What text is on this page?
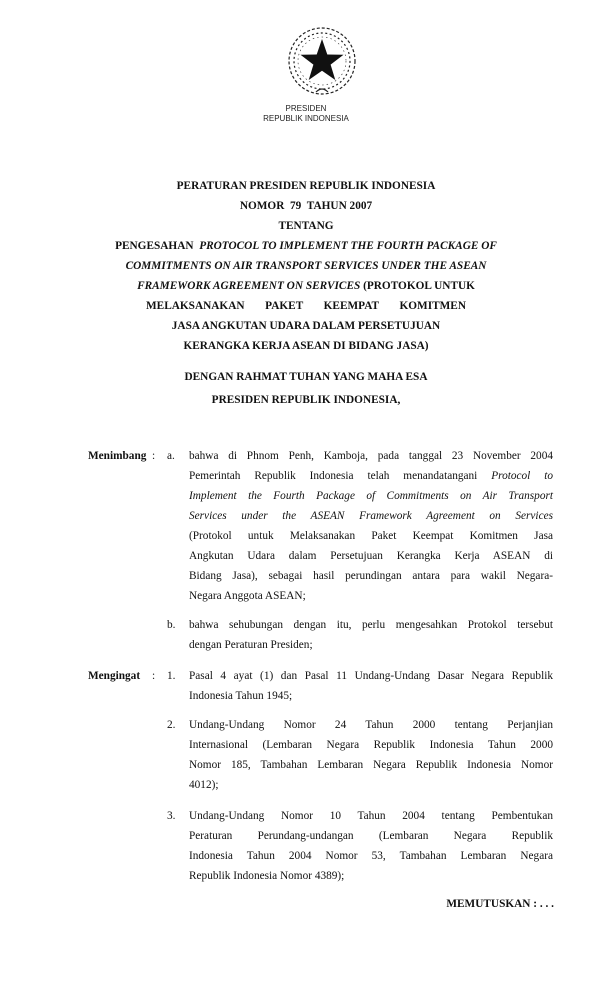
PRESIDEN
REPUBLIK INDONESIA
PERATURAN PRESIDEN REPUBLIK INDONESIA
NOMOR  79  TAHUN 2007
TENTANG
PENGESAHAN  PROTOCOL TO IMPLEMENT THE FOURTH PACKAGE OF
COMMITMENTS ON AIR TRANSPORT SERVICES UNDER THE ASEAN
FRAMEWORK AGREEMENT ON SERVICES (PROTOKOL UNTUK
MELAKSANAKAN PAKET KEEMPAT KOMITMEN
JASA ANGKUTAN UDARA DALAM PERSETUJUAN
KERANGKA KERJA ASEAN DI BIDANG JASA)
DENGAN RAHMAT TUHAN YANG MAHA ESA
PRESIDEN REPUBLIK INDONESIA,
Menimbang : a. bahwa di Phnom Penh, Kamboja, pada tanggal 23 November 2004
Pemerintah Republik Indonesia telah menandatangani Protocol to
Implement the Fourth Package of Commitments on Air Transport
Services under the ASEAN Framework Agreement on Services
(Protokol untuk Melaksanakan Paket Keempat Komitmen Jasa
Angkutan Udara dalam Persetujuan Kerangka Kerja ASEAN di
Bidang Jasa), sebagai hasil perundingan antara para wakil Negara-
Negara Anggota ASEAN;
b. bahwa sehubungan dengan itu, perlu mengesahkan Protokol tersebut
dengan Peraturan Presiden;
Mengingat : 1. Pasal 4 ayat (1) dan Pasal 11 Undang-Undang Dasar Negara Republik
Indonesia Tahun 1945;
2. Undang-Undang Nomor 24 Tahun 2000 tentang Perjanjian
Internasional (Lembaran Negara Republik Indonesia Tahun 2000
Nomor 185, Tambahan Lembaran Negara Republik Indonesia Nomor
4012);
3. Undang-Undang Nomor 10 Tahun 2004 tentang Pembentukan
Peraturan Perundang-undangan (Lembaran Negara Republik
Indonesia Tahun 2004 Nomor 53, Tambahan Lembaran Negara
Republik Indonesia Nomor 4389);
MEMUTUSKAN : . . .
